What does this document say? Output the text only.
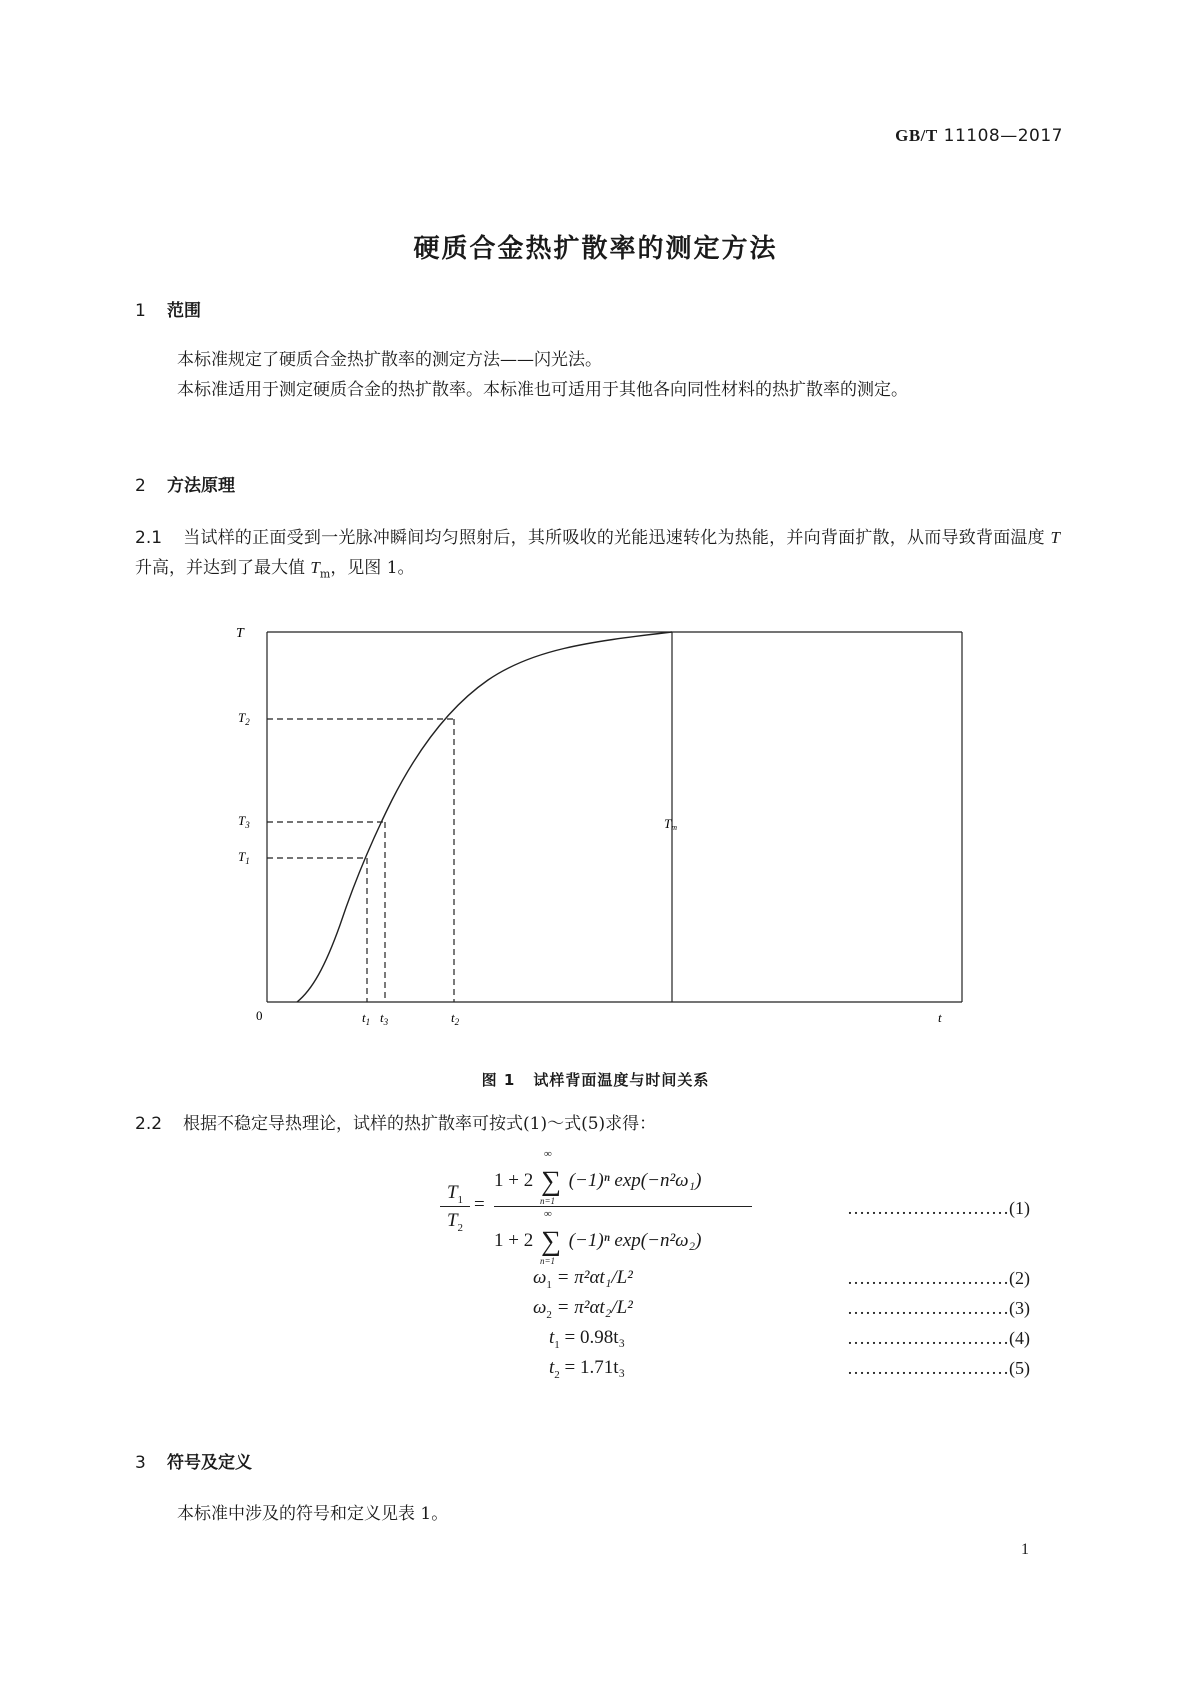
GB/T 11108—2017
硬质合金热扩散率的测定方法
1 范围
本标准规定了硬质合金热扩散率的测定方法——闪光法。
本标准适用于测定硬质合金的热扩散率。本标准也可适用于其他各向同性材料的热扩散率的测定。
2 方法原理
2.1 当试样的正面受到一光脉冲瞬间均匀照射后，其所吸收的光能迅速转化为热能，并向背面扩散，从而导致背面温度 T 升高，并达到了最大值 $T_m$，见图 1。
T
$T_2$
$T_3$
$T_1$
Tm
0	$t_1$ $t_3$	$t_2$	t
图 1 试样背面温度与时间关系
2.2 根据不稳定导热理论，试样的热扩散率可按式(1)～式(5)求得：
$T_1$
$T_2$
=
1 + 2 ∑
∞
n=1
(−1)ⁿ exp(−n²ω₁)
1 + 2 ∑
∞
n=1
(−1)ⁿ exp(−n²ω₂)
………………………(1)
$\omega_1 = \pi^2\alpha t_1/L^2$	………………………(2)
$\omega_2 = \pi^2\alpha t_2/L^2$	………………………(3)
$t_1 = 0.98t_3$	………………………(4)
$t_2 = 1.71t_3$	………………………(5)
3 符号及定义
本标准中涉及的符号和定义见表 1。
1
